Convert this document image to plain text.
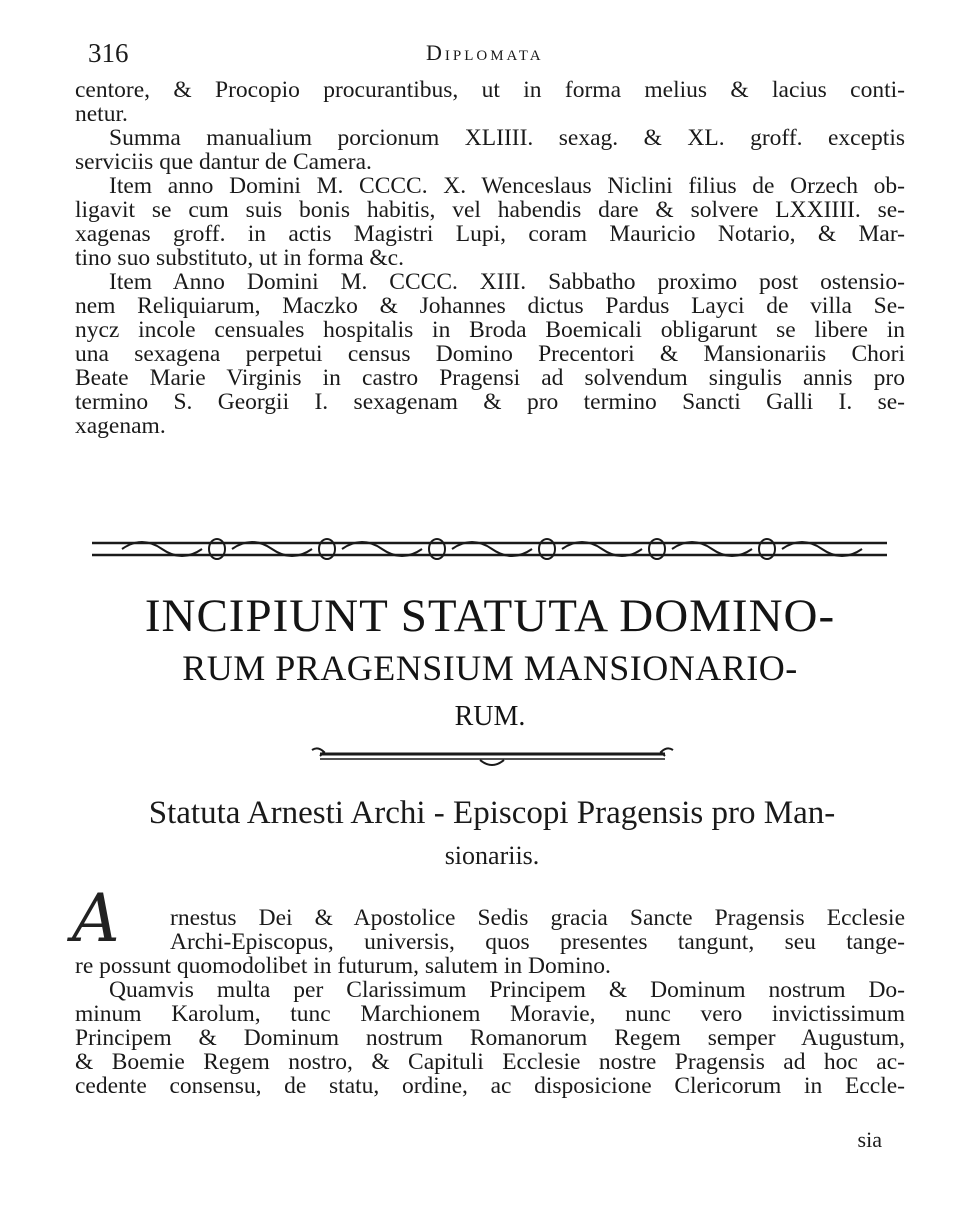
316	Diplomata
centore, & Procopio procurantibus, ut in forma melius & lacius conti-
netur.
Summa manualium porcionum XLIIII. sexag. & XL. groff. exceptis
serviciis que dantur de Camera.
Item anno Domini M. CCCC. X. Wenceslaus Niclini filius de Orzech ob-
ligavit se cum suis bonis habitis, vel habendis dare & solvere LXXIIII. se-
xagenas groff. in actis Magistri Lupi, coram Mauricio Notario, & Mar-
tino suo substituto, ut in forma &c.
Item Anno Domini M. CCCC. XIII. Sabbatho proximo post ostensio-
nem Reliquiarum, Maczko & Johannes dictus Pardus Layci de villa Se-
nycz incole censuales hospitalis in Broda Boemicali obligarunt se libere in
una sexagena perpetui census Domino Precentori & Mansionariis Chori
Beate Marie Virginis in castro Pragensi ad solvendum singulis annis pro
termino S. Georgii I. sexagenam & pro termino Sancti Galli I. se-
xagenam.
INCIPIUNT STATUTA DOMINO-
RUM PRAGENSIUM MANSIONARIO-
RUM.
Statuta Arnesti Archi - Episcopi Pragensis pro Man-
sionariis.
A rnestus Dei & Apostolice Sedis gracia Sancte Pragensis Ecclesie
Archi-Episcopus, universis, quos presentes tangunt, seu tange-
re possunt quomodolibet in futurum, salutem in Domino.
Quamvis multa per Clarissimum Principem & Dominum nostrum Do-
minum Karolum, tunc Marchionem Moravie, nunc vero invictissimum
Principem & Dominum nostrum Romanorum Regem semper Augustum,
& Boemie Regem nostro, & Capituli Ecclesie nostre Pragensis ad hoc ac-
cedente consensu, de statu, ordine, ac disposicione Clericorum in Eccle-
sia
